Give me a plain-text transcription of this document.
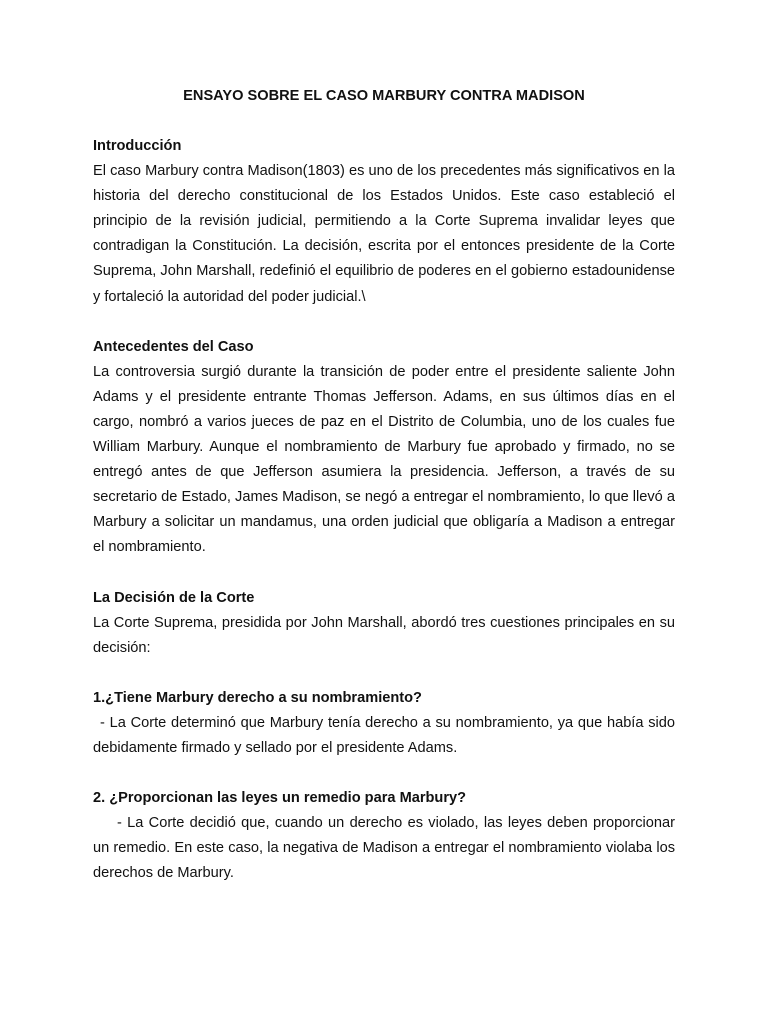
ENSAYO SOBRE EL CASO MARBURY CONTRA MADISON

Introducción

El caso Marbury contra Madison(1803) es uno de los precedentes más significativos en la historia del derecho constitucional de los Estados Unidos. Este caso estableció el principio de la revisión judicial, permitiendo a la Corte Suprema invalidar leyes que contradigan la Constitución. La decisión, escrita por el entonces presidente de la Corte Suprema, John Marshall, redefinió el equilibrio de poderes en el gobierno estadounidense y fortaleció la autoridad del poder judicial.\

Antecedentes del Caso

La controversia surgió durante la transición de poder entre el presidente saliente John Adams y el presidente entrante Thomas Jefferson. Adams, en sus últimos días en el cargo, nombró a varios jueces de paz en el Distrito de Columbia, uno de los cuales fue William Marbury. Aunque el nombramiento de Marbury fue aprobado y firmado, no se entregó antes de que Jefferson asumiera la presidencia. Jefferson, a través de su secretario de Estado, James Madison, se negó a entregar el nombramiento, lo que llevó a Marbury a solicitar un mandamus, una orden judicial que obligaría a Madison a entregar el nombramiento.

La Decisión de la Corte

La Corte Suprema, presidida por John Marshall, abordó tres cuestiones principales en su decisión:

1.¿Tiene Marbury derecho a su nombramiento?

- La Corte determinó que Marbury tenía derecho a su nombramiento, ya que había sido debidamente firmado y sellado por el presidente Adams.

2. ¿Proporcionan las leyes un remedio para Marbury?

- La Corte decidió que, cuando un derecho es violado, las leyes deben proporcionar un remedio. En este caso, la negativa de Madison a entregar el nombramiento violaba los derechos de Marbury.
